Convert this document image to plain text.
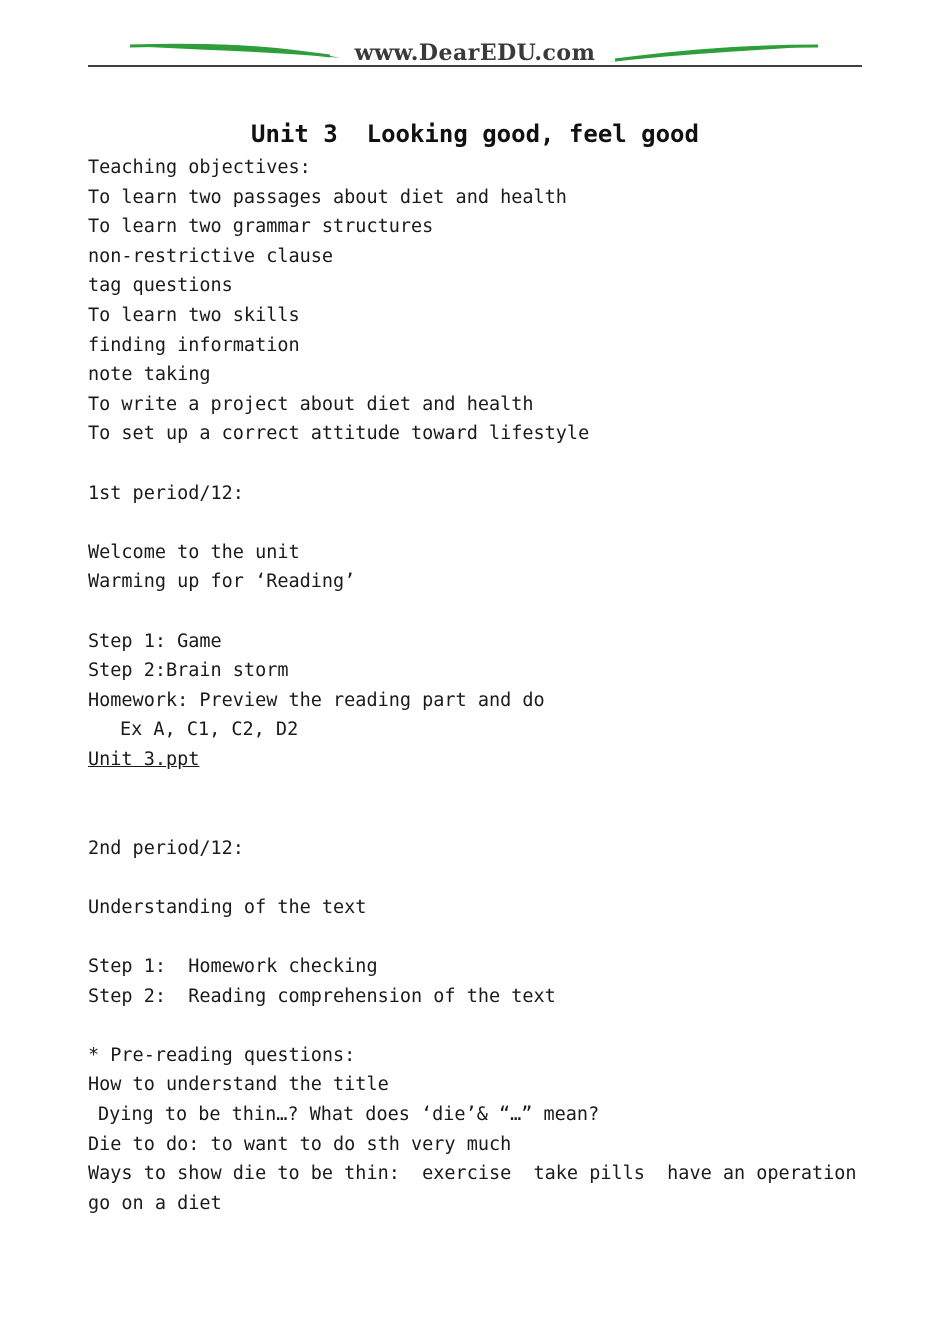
www.DearEDU.com
Unit 3  Looking good, feel good
Teaching objectives:
To learn two passages about diet and health
To learn two grammar structures
non-restrictive clause
tag questions
To learn two skills
finding information
note taking
To write a project about diet and health
To set up a correct attitude toward lifestyle
1st period/12:
Welcome to the unit
Warming up for ‘Reading’
Step 1: Game
Step 2:Brain storm
Homework: Preview the reading part and do
Ex A, C1, C2, D2
Unit 3.ppt
2nd period/12:
Understanding of the text
Step 1:  Homework checking
Step 2:  Reading comprehension of the text
* Pre-reading questions:
How to understand the title
Dying to be thin…? What does ‘die’& “…” mean?
Die to do: to want to do sth very much
Ways to show die to be thin:  exercise  take pills  have an operation
go on a diet
